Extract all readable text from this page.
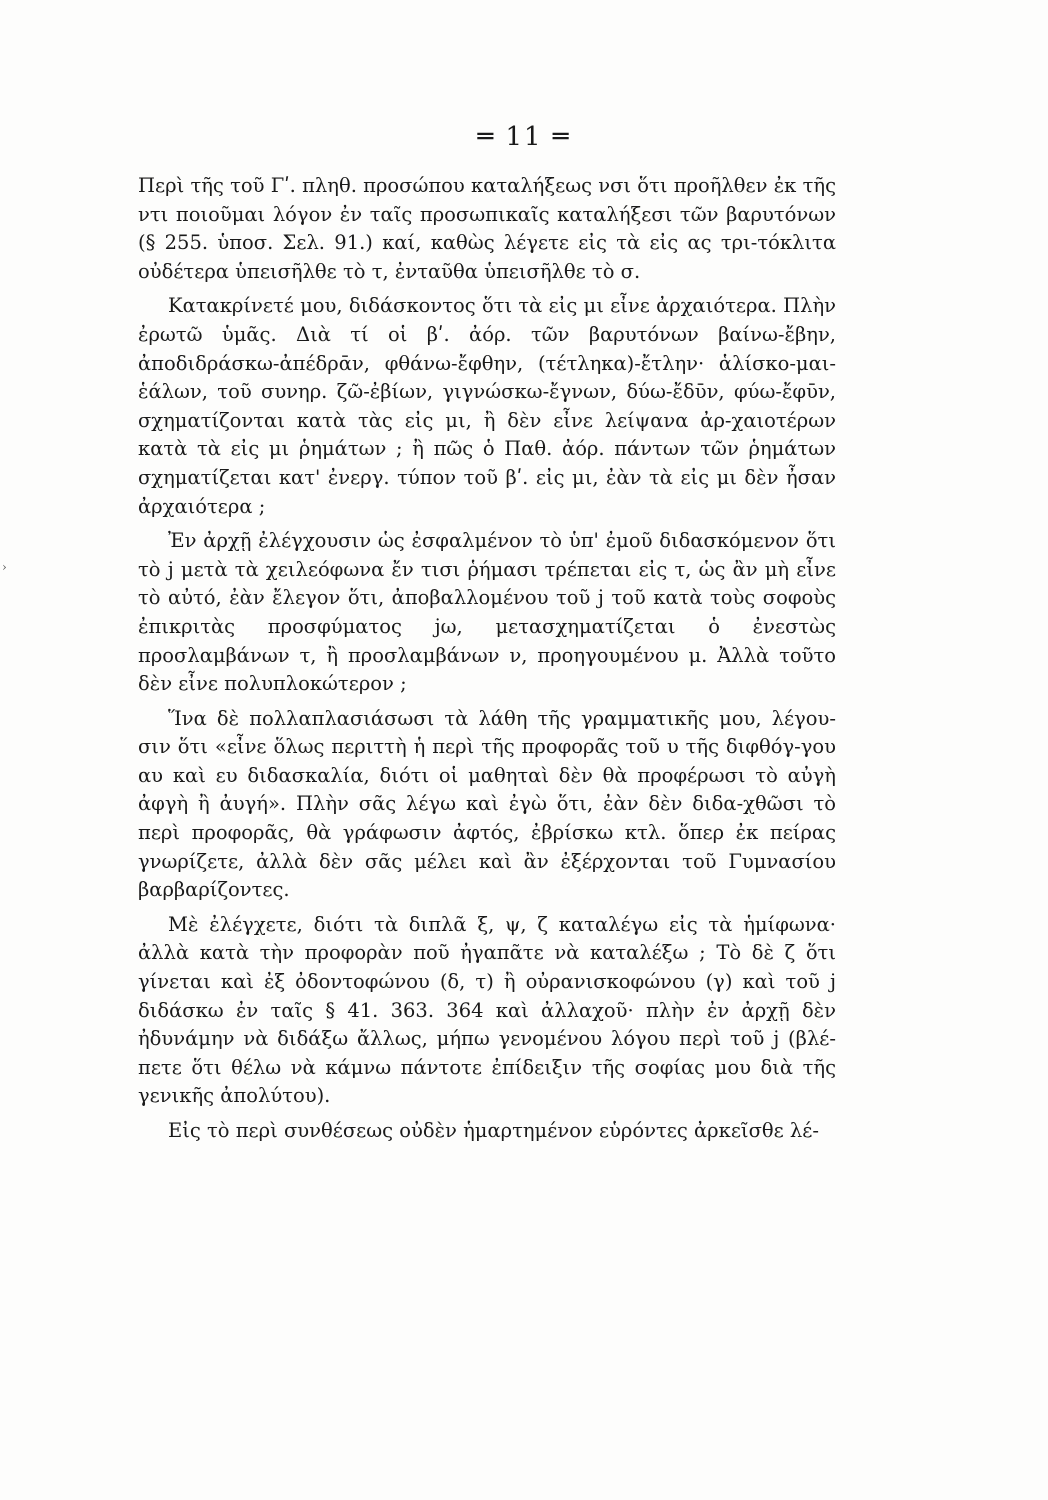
═ 11 ═

Περὶ τῆς τοῦ Γʹ. πληθ. προσώπου καταλήξεως νσι ὅτι προῆλθεν ἐκ τῆς ντι ποιοῦμαι λόγον ἐν ταῖς προσωπικαῖς καταλήξεσι τῶν βαρυτόνων (§ 255. ὑποσ. Σελ. 91.) καί, καθὼς λέγετε εἰς τὰ εἰς ας τρι-τόκλιτα οὐδέτερα ὑπεισῆλθε τὸ τ, ἐνταῦθα ὑπεισῆλθε τὸ σ.

Κατακρίνετέ μου, διδάσκοντος ὅτι τὰ εἰς μι εἶνε ἀρχαιότερα. Πλὴν ἐρωτῶ ὑμᾶς. Διὰ τί οἱ βʹ. ἀόρ. τῶν βαρυτόνων βαίνω-ἔβην, ἀποδιδράσκω-ἀπέδρᾱν, φθάνω-ἔφθην, (τέτληκα)-ἔτλην· ἁλίσκο-μαι-ἑάλων, τοῦ συνηρ. ζῶ-ἐβίων, γιγνώσκω-ἔγνων, δύω-ἔδῡν, φύω-ἔφῡν, σχηματίζονται κατὰ τὰς εἰς μι, ἢ δὲν εἶνε λείψανα ἀρ-χαιοτέρων κατὰ τὰ εἰς μι ῥημάτων ; ἢ πῶς ὁ Παθ. ἀόρ. πάντων τῶν ῥημάτων σχηματίζεται κατ' ἐνεργ. τύπον τοῦ βʹ. εἰς μι, ἐὰν τὰ εἰς μι δὲν ἦσαν ἀρχαιότερα ;

Ἐν ἀρχῇ ἐλέγχουσιν ὡς ἐσφαλμένον τὸ ὑπ' ἐμοῦ διδασκόμενον ὅτι τὸ j μετὰ τὰ χειλεόφωνα ἔν τισι ῥήμασι τρέπεται εἰς τ, ὡς ἂν μὴ εἶνε τὸ αὐτό, ἐὰν ἔλεγον ὅτι, ἀποβαλλομένου τοῦ j τοῦ κατὰ τοὺς σοφοὺς ἐπικριτὰς προσφύματος jω, μετασχηματίζεται ὁ ἐνεστὼς προσλαμβάνων τ, ἢ προσλαμβάνων ν, προηγουμένου μ. Ἀλλὰ τοῦτο δὲν εἶνε πολυπλοκώτερον ;

Ἵνα δὲ πολλαπλασιάσωσι τὰ λάθη τῆς γραμματικῆς μου, λέγου-σιν ὅτι «εἶνε ὅλως περιττὴ ἡ περὶ τῆς προφορᾶς τοῦ υ τῆς διφθόγ-γου αυ καὶ ευ διδασκαλία, διότι οἱ μαθηταὶ δὲν θὰ προφέρωσι τὸ αὐγὴ ἀφγὴ ἢ ἀυγή». Πλὴν σᾶς λέγω καὶ ἐγὼ ὅτι, ἐὰν δὲν διδα-χθῶσι τὸ περὶ προφορᾶς, θὰ γράφωσιν ἀφτός, ἐβρίσκω κτλ. ὅπερ ἐκ πείρας γνωρίζετε, ἀλλὰ δὲν σᾶς μέλει καὶ ἂν ἐξέρχονται τοῦ Γυμνασίου βαρβαρίζοντες.

Μὲ ἐλέγχετε, διότι τὰ διπλᾶ ξ, ψ, ζ καταλέγω εἰς τὰ ἡμίφωνα· ἀλλὰ κατὰ τὴν προφορὰν ποῦ ἠγαπᾶτε νὰ καταλέξω ; Τὸ δὲ ζ ὅτι γίνεται καὶ ἐξ ὀδοντοφώνου (δ, τ) ἢ οὐρανισκοφώνου (γ) καὶ τοῦ j διδάσκω ἐν ταῖς § 41. 363. 364 καὶ ἀλλαχοῦ· πλὴν ἐν ἀρχῇ δὲν ἠδυνάμην νὰ διδάξω ἄλλως, μήπω γενομένου λόγου περὶ τοῦ j (βλέ-πετε ὅτι θέλω νὰ κάμνω πάντοτε ἐπίδειξιν τῆς σοφίας μου διὰ τῆς γενικῆς ἀπολύτου).

Εἰς τὸ περὶ συνθέσεως οὐδὲν ἡμαρτημένον εὑρόντες ἀρκεῖσθε λέ-

›
